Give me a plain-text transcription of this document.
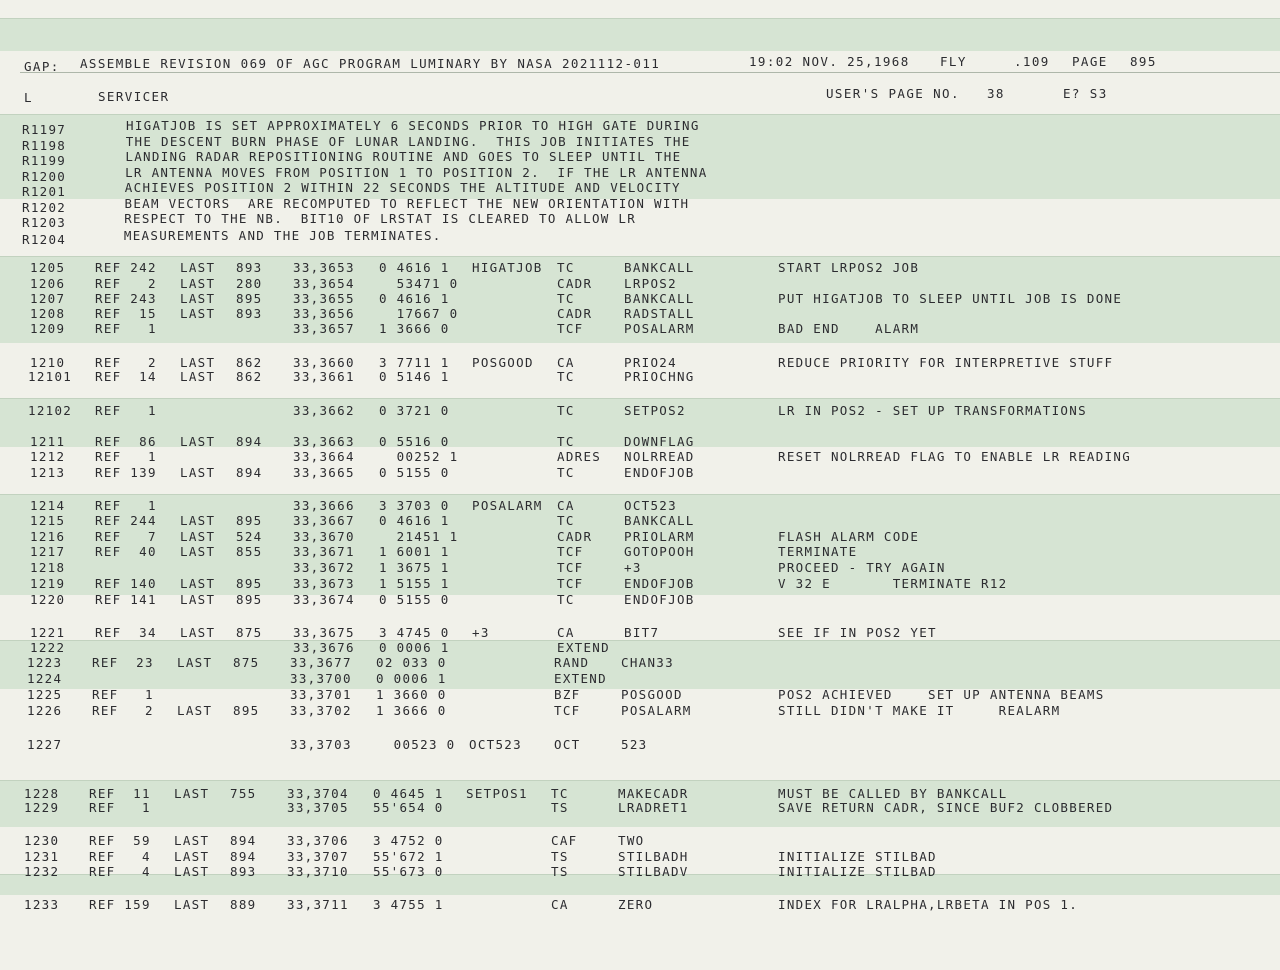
GAP: ASSEMBLE REVISION 069 OF AGC PROGRAM LUMINARY BY NASA 2021112-011	19:02 NOV. 25,1968 FLY	.109 PAGE 895
L	SERVICER	USER'S PAGE NO. 38	E? S3
R1197	HIGATJOB IS SET APPROXIMATELY 6 SECONDS PRIOR TO HIGH GATE DURING
R1198	THE DESCENT BURN PHASE OF LUNAR LANDING.  THIS JOB INITIATES THE
R1199	LANDING RADAR REPOSITIONING ROUTINE AND GOES TO SLEEP UNTIL THE
R1200	LR ANTENNA MOVES FROM POSITION 1 TO POSITION 2.  IF THE LR ANTENNA
R1201	ACHIEVES POSITION 2 WITHIN 22 SECONDS THE ALTITUDE AND VELOCITY
R1202	BEAM VECTORS  ARE RECOMPUTED TO REFLECT THE NEW ORIENTATION WITH
R1203	RESPECT TO THE NB.  BIT10 OF LRSTAT IS CLEARED TO ALLOW LR
R1204	MEASUREMENTS AND THE JOB TERMINATES.
1205 REF 242 LAST 893 33,3653 0 4616 1 HIGATJOB TC	BANKCALL	START LRPOS2 JOB
1206 REF   2 LAST 280 33,3654 53471 0	CADR	LRPOS2
1207 REF 243 LAST 895 33,3655 0 4616 1	TC	BANKCALL	PUT HIGATJOB TO SLEEP UNTIL JOB IS DONE
1208 REF  15 LAST 893 33,3656 17667 0	CADR	RADSTALL
1209 REF   1	33,3657 1 3666 0	TCF	POSALARM	BAD END    ALARM
1210 REF   2 LAST 862 33,3660 3 7711 1 POSGOOD CA	PRIO24	REDUCE PRIORITY FOR INTERPRETIVE STUFF
12101 REF  14 LAST 862 33,3661 0 5146 1	TC	PRIOCHNG
12102 REF   1	33,3662 0 3721 0	TC	SETPOS2	LR IN POS2 - SET UP TRANSFORMATIONS
1211 REF  86 LAST 894 33,3663 0 5516 0	TC	DOWNFLAG
1212 REF   1	33,3664 00252 1	ADRES NOLRREAD	RESET NOLRREAD FLAG TO ENABLE LR READING
1213 REF 139 LAST 894 33,3665 0 5155 0	TC	ENDOFJOB
1214 REF   1	33,3666 3 3703 0 POSALARM CA	OCT523
1215 REF 244 LAST 895 33,3667 0 4616 1	TC	BANKCALL
1216 REF   7 LAST 524 33,3670 21451 1	CADR	PRIOLARM	FLASH ALARM CODE
1217 REF  40 LAST 855 33,3671 1 6001 1	TCF	GOTOPOOH	TERMINATE
1218	33,3672 1 3675 1	TCF	+3	PROCEED - TRY AGAIN
1219 REF 140 LAST 895 33,3673 1 5155 1	TCF	ENDOFJOB	V 32 E       TERMINATE R12
1220 REF 141 LAST 895 33,3674 0 5155 0	TC	ENDOFJOB
1221 REF  34 LAST 875 33,3675 3 4745 0 +3	CA	BIT7	SEE IF IN POS2 YET
1222	33,3676 0 0006 1	EXTEND
1223 REF  23 LAST 875 33,3677 02 033 0	RAND	CHAN33
1224	33,3700 0 0006 1	EXTEND
1225 REF   1	33,3701 1 3660 0	BZF	POSGOOD	POS2 ACHIEVED    SET UP ANTENNA BEAMS
1226 REF   2 LAST 895 33,3702 1 3666 0	TCF	POSALARM	STILL DIDN'T MAKE IT     REALARM
1227	33,3703 00523 0 OCT523	OCT	523
1228 REF  11 LAST 755 33,3704 0 4645 1 SETPOS1 TC	MAKECADR	MUST BE CALLED BY BANKCALL
1229 REF   1	33,3705 55'654 0	TS	LRADRET1	SAVE RETURN CADR, SINCE BUF2 CLOBBERED
1230 REF  59 LAST 894 33,3706 3 4752 0	CAF	TWO
1231 REF   4 LAST 894 33,3707 55'672 1	TS	STILBADH	INITIALIZE STILBAD
1232 REF   4 LAST 893 33,3710 55'673 0	TS	STILBADV	INITIALIZE STILBAD
1233 REF 159 LAST 889 33,3711 3 4755 1	CA	ZERO	INDEX FOR LRALPHA,LRBETA IN POS 1.
